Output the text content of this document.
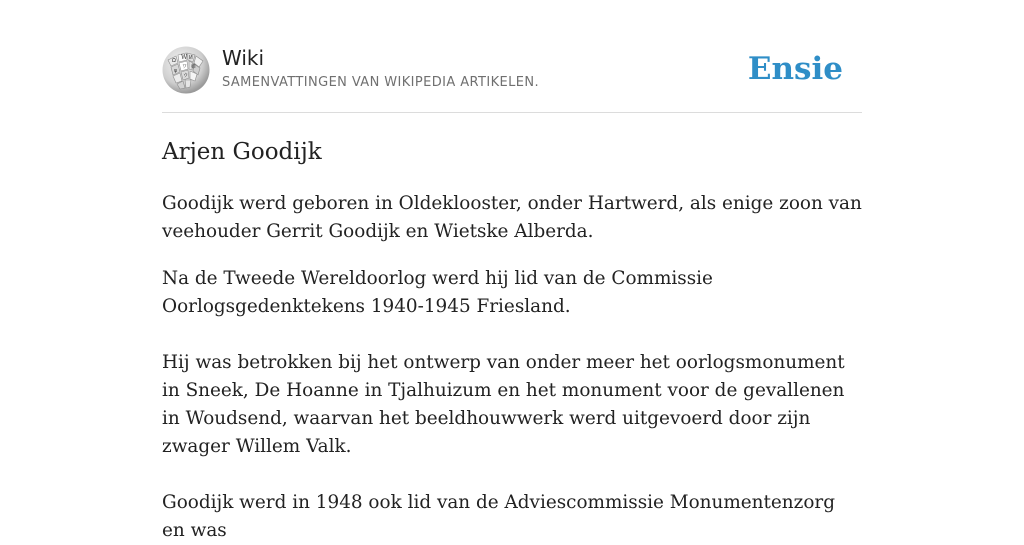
Ω W И
ワ
ψ
維
ウ
Wiki
SAMENVATTINGEN VAN WIKIPEDIA ARTIKELEN.	Ensie
Arjen Goodijk

Goodijk werd geboren in Oldeklooster, onder Hartwerd, als enige zoon van veehouder Gerrit Goodijk en Wietske Alberda.

Na de Tweede Wereldoorlog werd hij lid van de Commissie Oorlogsgedenktekens 1940-1945 Friesland.

Hij was betrokken bij het ontwerp van onder meer het oorlogsmonument in Sneek, De Hoanne in Tjalhuizum en het monument voor de gevallenen in Woudsend, waarvan het beeldhouwwerk werd uitgevoerd door zijn zwager Willem Valk.

Goodijk werd in 1948 ook lid van de Adviescommissie Monumentenzorg en was
